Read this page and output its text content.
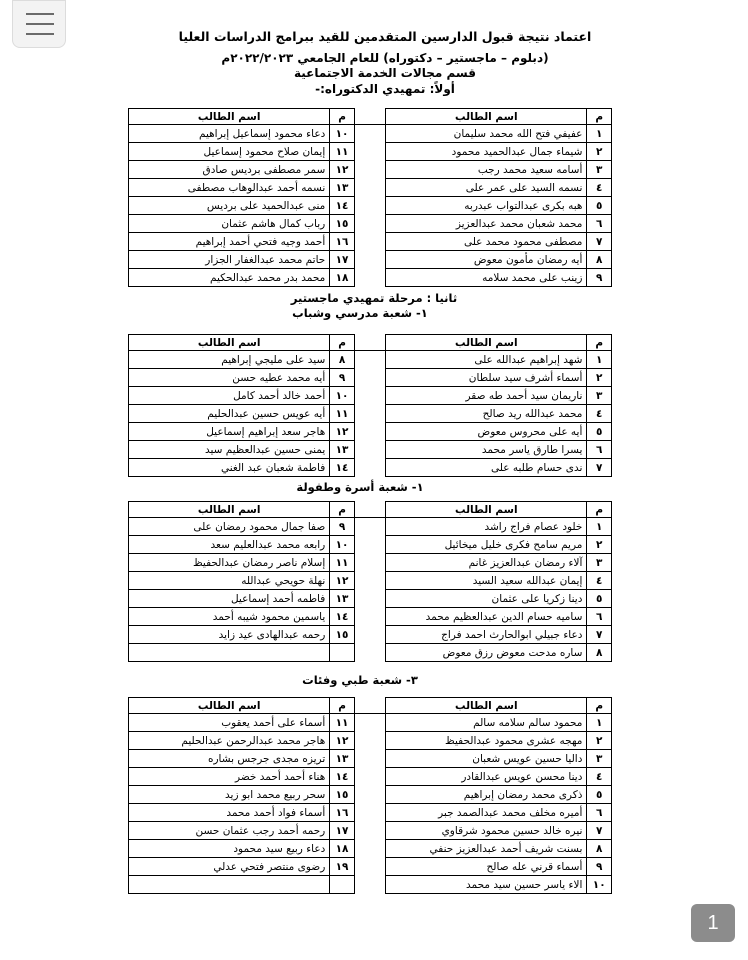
اعتماد نتيجة قبول الدارسين المتقدمين للقيد ببرامج الدراسات العليا
(دبلوم – ماجستير – دكتوراه) للعام الجامعي ٢٠٢٢/٢٠٢٣م
قسم مجالات الخدمة الاجتماعية
أولاً: تمهيدي الدكتوراه:-
م	اسم الطالب		م	اسم الطالب
١	عفيفي فتح الله محمد سليمان		١٠	دعاء محمود إسماعيل إبراهيم
٢	شيماء جمال عبدالحميد محمود		١١	إيمان صلاح محمود إسماعيل
٣	أسامه سعيد محمد رجب		١٢	سمر مصطفى برديس صادق
٤	نسمه السيد على عمر على		١٣	نسمه أحمد عبدالوهاب مصطفى
٥	هبه بكرى عبدالتواب عبدربه		١٤	منى عبدالحميد على برديس
٦	محمد شعبان محمد عبدالعزيز		١٥	رباب كمال هاشم عثمان
٧	مصطفى محمود محمد على		١٦	أحمد وجيه فتحي أحمد إبراهيم
٨	أيه رمضان مأمون معوض		١٧	حاتم محمد عبدالغفار الجزار
٩	زينب على محمد سلامه		١٨	محمد بدر محمد عبدالحكيم
ثانيا : مرحلة تمهيدي ماجستير
١- شعبة مدرسي وشباب
م	اسم الطالب		م	اسم الطالب
١	شهد إبراهيم عبدالله على		٨	سيد على مليجي إبراهيم
٢	أسماء أشرف سيد سلطان		٩	أيه محمد عطيه حسن
٣	ناريمان سيد أحمد طه صقر		١٠	أحمد خالد أحمد كامل
٤	محمد عبدالله ريد صالح		١١	أيه عويس حسين عبدالحليم
٥	أيه على محروس معوض		١٢	هاجر سعد إبراهيم إسماعيل
٦	يسرا طارق ياسر محمد		١٣	يمنى حسين عبدالعظيم سيد
٧	ندى حسام طلبه على		١٤	فاطمة شعبان عبد الغني
١- شعبة أسرة وطفولة
م	اسم الطالب		م	اسم الطالب
١	خلود عصام فراج راشد		٩	صفا جمال محمود رمضان على
٢	مريم سامح فكرى خليل ميخائيل		١٠	رابعه محمد عبدالعليم سعد
٣	آلاء رمضان عبدالعزيز غانم		١١	إسلام ناصر رمضان عبدالحفيظ
٤	إيمان عبدالله سعيد السيد		١٢	نهلة حويحي عبدالله
٥	دينا زكريا على عثمان		١٣	فاطمه أحمد إسماعيل
٦	ساميه حسام الدين عبدالعظيم محمد		١٤	ياسمين محمود شيبه أحمد
٧	دعاء جبيلي ابوالحارث احمد فراج		١٥	رحمه عبدالهادى عيد زايد
٨	ساره مدحت معوض رزق معوض			
٣- شعبة طبي وفئات
م	اسم الطالب		م	اسم الطالب
١	محمود سالم سلامه سالم		١١	أسماء على أحمد يعقوب
٢	مهجه عشرى محمود عبدالحفيظ		١٢	هاجر محمد عبدالرحمن عبدالحليم
٣	داليا حسين عويس شعبان		١٣	تريزه مجدى جرجس بشاره
٤	دينا محسن عويس عبدالقادر		١٤	هناء أحمد أحمد خضر
٥	ذكرى محمد رمضان إبراهيم		١٥	سحر ربيع محمد ابو زيد
٦	أميره مخلف محمد عبدالصمد جبر		١٦	أسماء فواد أحمد محمد
٧	نيره خالد حسين محمود شرقاوي		١٧	رحمه أحمد رجب عثمان حسن
٨	بسنت شريف أحمد عبدالعزيز حنفي		١٨	دعاء ربيع سيد محمود
٩	أسماء قرني عله صالح		١٩	رضوى منتصر فتحي عدلي
١٠	الاء ياسر حسين سيد محمد			
1
